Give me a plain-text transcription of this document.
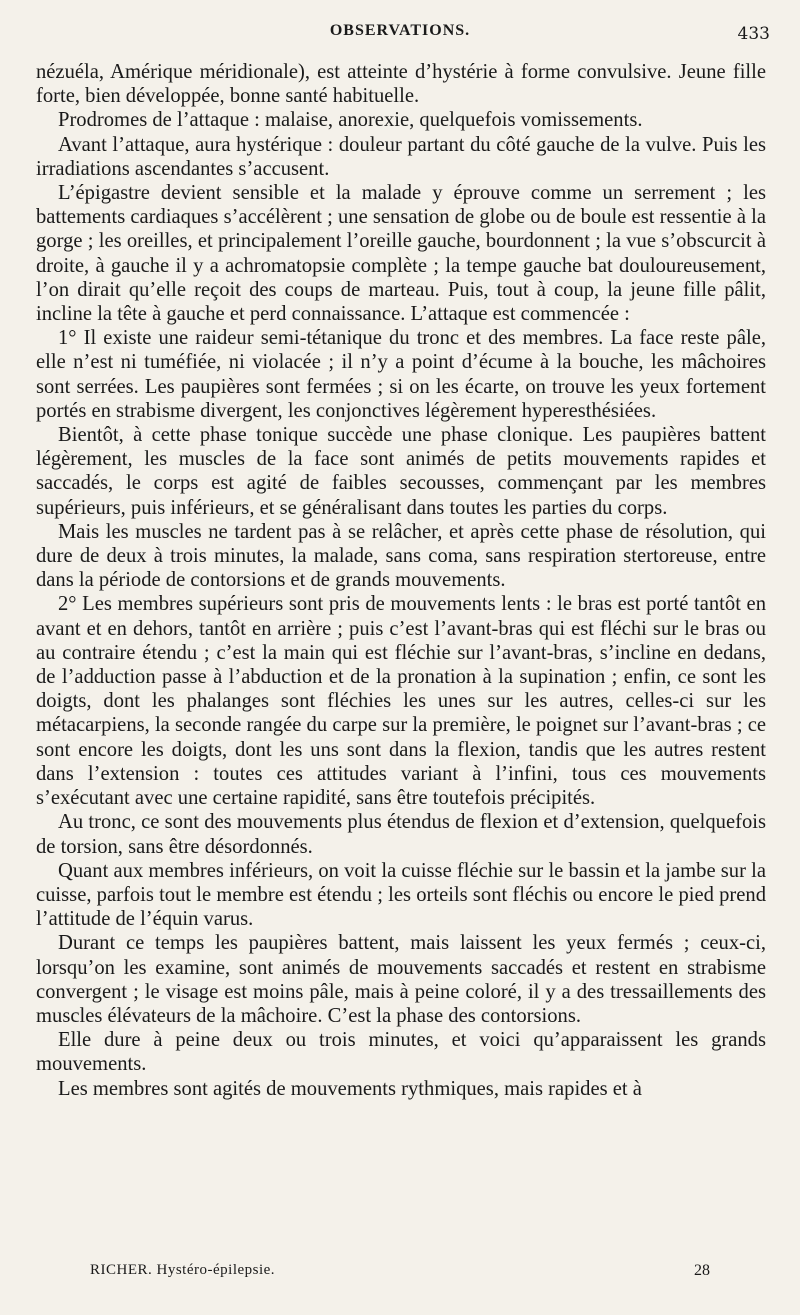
OBSERVATIONS.	433

nézuéla, Amérique méridionale), est atteinte d’hystérie à forme convulsive. Jeune fille forte, bien développée, bonne santé habituelle.

Prodromes de l’attaque : malaise, anorexie, quelquefois vomissements.

Avant l’attaque, aura hystérique : douleur partant du côté gauche de la vulve. Puis les irradiations ascendantes s’accusent.

L’épigastre devient sensible et la malade y éprouve comme un serrement ; les battements cardiaques s’accélèrent ; une sensation de globe ou de boule est ressentie à la gorge ; les oreilles, et principalement l’oreille gauche, bourdonnent ; la vue s’obscurcit à droite, à gauche il y a achromatopsie complète ; la tempe gauche bat douloureusement, l’on dirait qu’elle reçoit des coups de marteau. Puis, tout à coup, la jeune fille pâlit, incline la tête à gauche et perd connaissance. L’attaque est commencée :

1° Il existe une raideur semi-tétanique du tronc et des membres. La face reste pâle, elle n’est ni tuméfiée, ni violacée ; il n’y a point d’écume à la bouche, les mâchoires sont serrées. Les paupières sont fermées ; si on les écarte, on trouve les yeux fortement portés en strabisme divergent, les conjonctives légèrement hyperesthésiées.

Bientôt, à cette phase tonique succède une phase clonique. Les paupières battent légèrement, les muscles de la face sont animés de petits mouvements rapides et saccadés, le corps est agité de faibles secousses, commençant par les membres supérieurs, puis inférieurs, et se généralisant dans toutes les parties du corps.

Mais les muscles ne tardent pas à se relâcher, et après cette phase de résolution, qui dure de deux à trois minutes, la malade, sans coma, sans respiration stertoreuse, entre dans la période de contorsions et de grands mouvements.

2° Les membres supérieurs sont pris de mouvements lents : le bras est porté tantôt en avant et en dehors, tantôt en arrière ; puis c’est l’avant-bras qui est fléchi sur le bras ou au contraire étendu ; c’est la main qui est fléchie sur l’avant-bras, s’incline en dedans, de l’adduction passe à l’abduction et de la pronation à la supination ; enfin, ce sont les doigts, dont les phalanges sont fléchies les unes sur les autres, celles-ci sur les métacarpiens, la seconde rangée du carpe sur la première, le poignet sur l’avant-bras ; ce sont encore les doigts, dont les uns sont dans la flexion, tandis que les autres restent dans l’extension : toutes ces attitudes variant à l’infini, tous ces mouvements s’exécutant avec une certaine rapidité, sans être toutefois précipités.

Au tronc, ce sont des mouvements plus étendus de flexion et d’extension, quelquefois de torsion, sans être désordonnés.

Quant aux membres inférieurs, on voit la cuisse fléchie sur le bassin et la jambe sur la cuisse, parfois tout le membre est étendu ; les orteils sont fléchis ou encore le pied prend l’attitude de l’équin varus.

Durant ce temps les paupières battent, mais laissent les yeux fermés ; ceux-ci, lorsqu’on les examine, sont animés de mouvements saccadés et restent en strabisme convergent ; le visage est moins pâle, mais à peine coloré, il y a des tressaillements des muscles élévateurs de la mâchoire. C’est la phase des contorsions.

Elle dure à peine deux ou trois minutes, et voici qu’apparaissent les grands mouvements.

Les membres sont agités de mouvements rythmiques, mais rapides et à

RICHER. Hystéro-épilepsie.	28
